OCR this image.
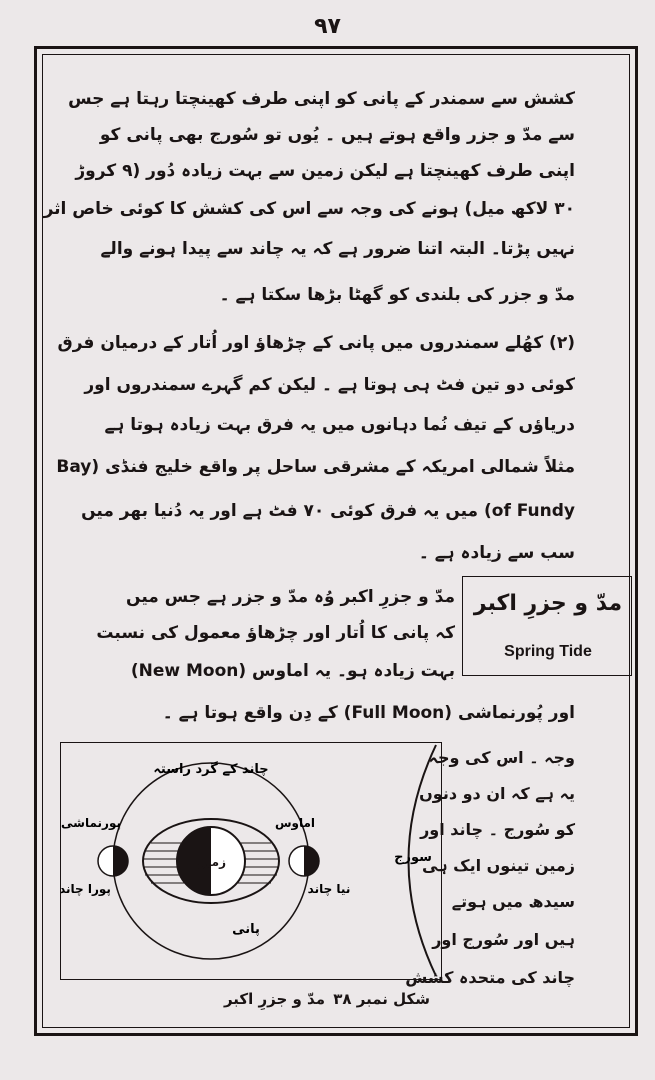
۹۷
کشش سے سمندر کے پانی کو اپنی طرف کھینچتا رہتا ہے جس
سے مدّ و جزر واقع ہوتے ہیں ۔ یُوں تو سُورج بھی پانی کو
اپنی طرف کھینچتا ہے لیکن زمین سے بہت زیادہ دُور (۹ کروڑ
۳۰ لاکھ میل) ہونے کی وجہ سے اس کی کشش کا کوئی خاص اثر
نہیں پڑتا۔ البتہ اتنا ضرور ہے کہ یہ چاند سے پیدا ہونے والے
مدّ و جزر کی بلندی کو گھٹا بڑھا سکتا ہے ۔
(۲) کھُلے سمندروں میں پانی کے چڑھاؤ اور اُتار کے درمیان فرق
کوئی دو تین فٹ ہی ہوتا ہے ۔ لیکن کم گہرے سمندروں اور
دریاؤں کے تیف نُما دہانوں میں یہ فرق بہت زیادہ ہوتا ہے
مثلاً شمالی امریکہ کے مشرقی ساحل پر واقع خلیج فنڈی (Bay
of Fundy) میں یہ فرق کوئی ۷۰ فٹ ہے اور یہ دُنیا بھر میں
سب سے زیادہ ہے ۔
مدّ و جزرِ اکبر
Spring Tide
مدّ و جزرِ اکبر وُہ مدّ و جزر ہے جس میں
کہ پانی کا اُتار اور چڑھاؤ معمول کی نسبت
بہت زیادہ ہو۔ یہ اماوس (New Moon)
اور پُورنماشی (Full Moon) کے دِن واقع ہوتا ہے ۔
چاند کے گرد راستہ
زمین
پانی
اماوس
نیا چاند
پورنماشی
پورا چاند
سورج
مدّ و جزرِ اکبر شکل نمبر ۳۸
وجہ ۔ اس کی وجہ
یہ ہے کہ ان دو دنوں
کو سُورج ۔ چاند اور
زمین تینوں ایک ہی
سیدھ میں ہوتے
ہیں اور سُورج اور
چاند کی متحدہ کشش
